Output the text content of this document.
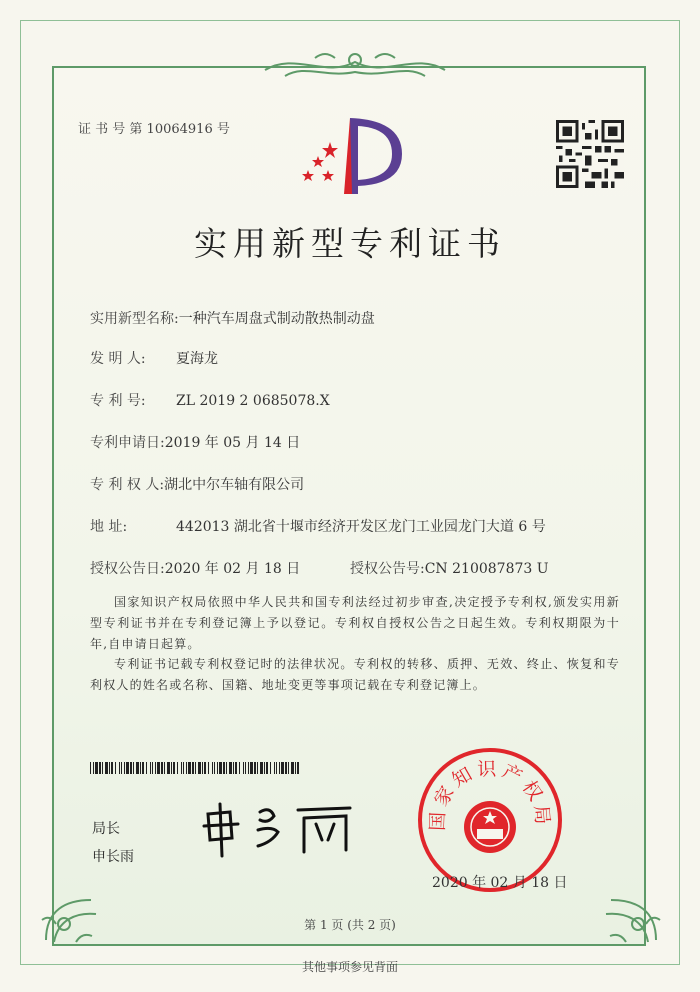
证 书 号 第 10064916 号
实用新型专利证书
实用新型名称:一种汽车周盘式制动散热制动盘
发 明 人: 夏海龙
专 利 号: ZL 2019 2 0685078.X
专利申请日:2019 年 05 月 14 日
专 利 权 人:湖北中尔车轴有限公司
地 址:	442013 湖北省十堰市经济开发区龙门工业园龙门大道 6 号
授权公告日:2020 年 02 月 18 日	授权公告号:CN 210087873 U
国家知识产权局依照中华人民共和国专利法经过初步审查,决定授予专利权,颁发实用新型专利证书并在专利登记簿上予以登记。专利权自授权公告之日起生效。专利权期限为十年,自申请日起算。
专利证书记载专利权登记时的法律状况。专利权的转移、质押、无效、终止、恢复和专利权人的姓名或名称、国籍、地址变更等事项记载在专利登记簿上。
局长
申长雨
国家知识产权局
2020 年 02 月 18 日
第 1 页 (共 2 页)
其他事项参见背面
